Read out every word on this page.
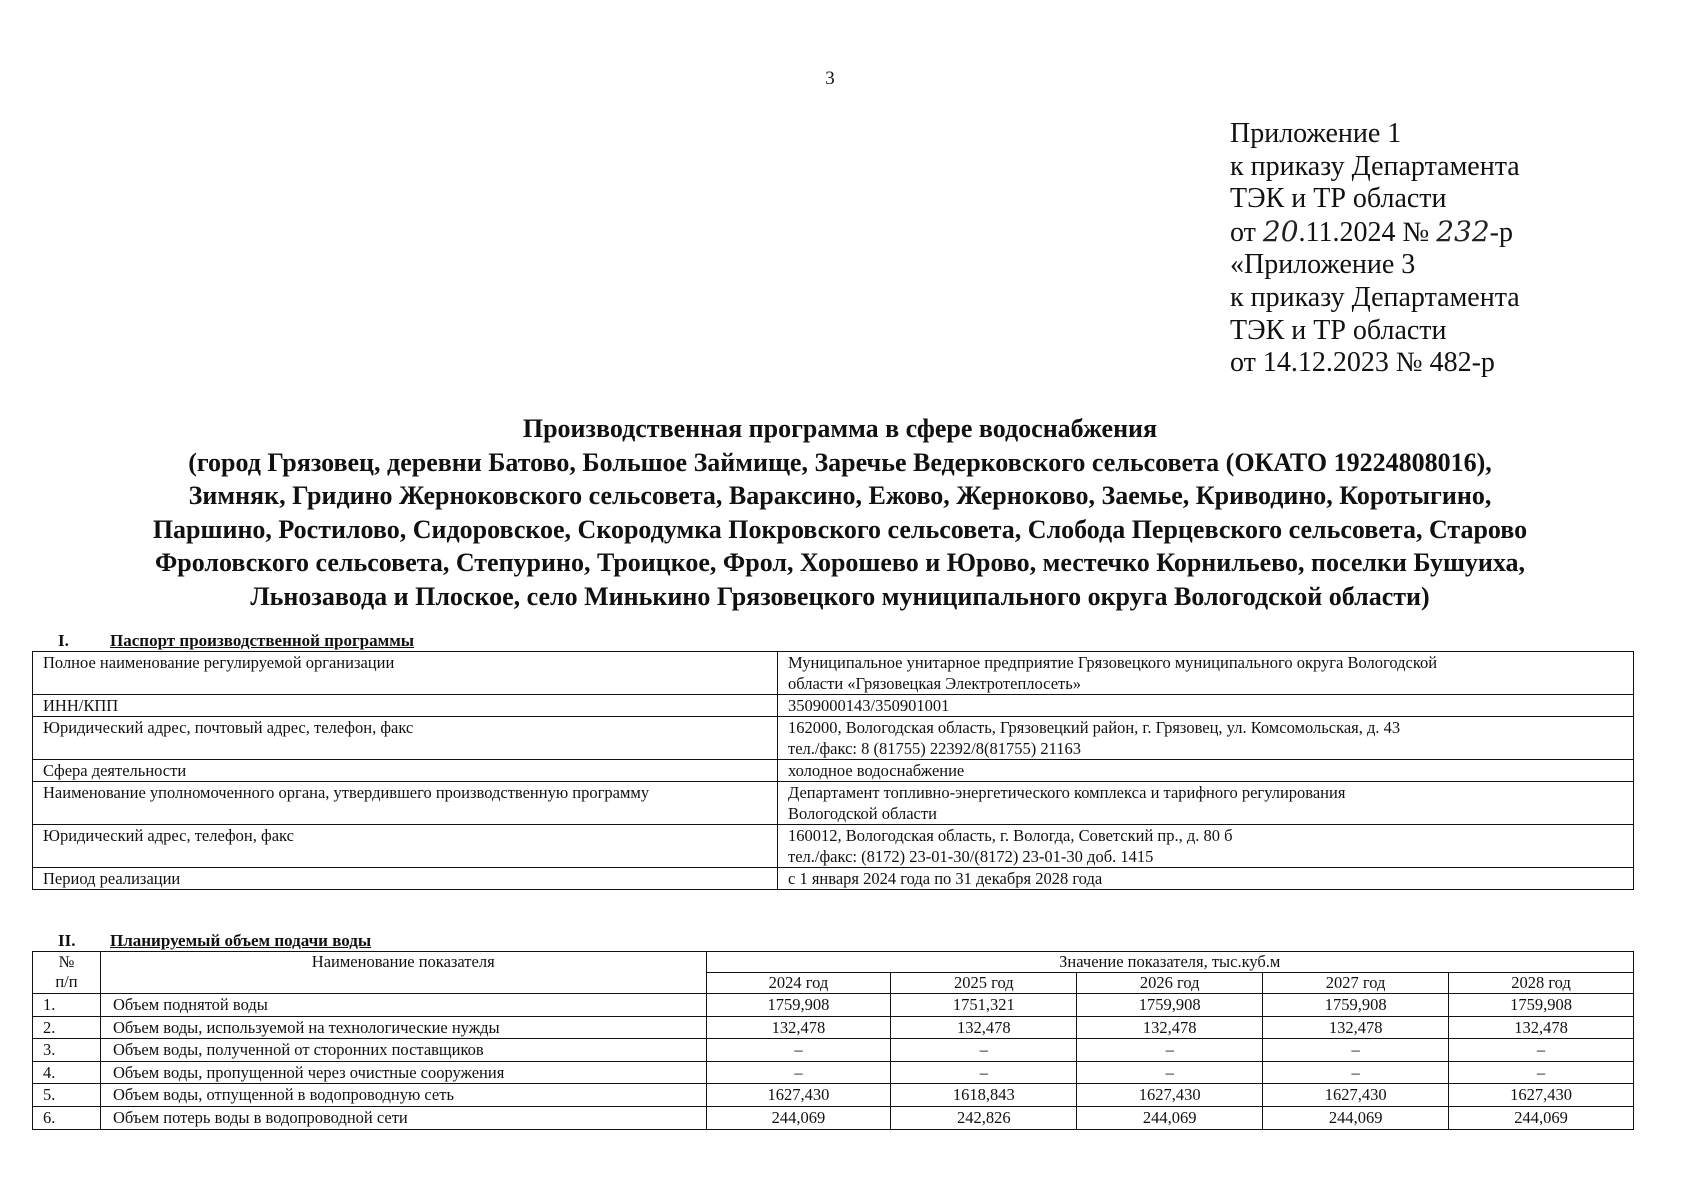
3
Приложение 1
к приказу Департамента
ТЭК и ТР области
от 20.11.2024 № 232-р
«Приложение 3
к приказу Департамента
ТЭК и ТР области
от 14.12.2023 № 482-р
Производственная программа в сфере водоснабжения
(город Грязовец, деревни Батово, Большое Займище, Заречье Ведерковского сельсовета (ОКАТО 19224808016),
Зимняк, Гридино Жерноковского сельсовета, Вараксино, Ежово, Жерноково, Заемье, Криводино, Коротыгино,
Паршино, Ростилово, Сидоровское, Скородумка Покровского сельсовета, Слобода Перцевского сельсовета, Старово
Фроловского сельсовета, Степурино, Троицкое, Фрол, Хорошево и Юрово, местечко Корнильево, поселки Бушуиха,
Льнозавода и Плоское, село Минькино Грязовецкого муниципального округа Вологодской области)
I. Паспорт производственной программы
Полное наименование регулируемой организации	Муниципальное унитарное предприятие Грязовецкого муниципального округа Вологодской
области «Грязовецкая Электротеплосеть»

ИНН/КПП	3509000143/350901001

Юридический адрес, почтовый адрес, телефон, факс	162000, Вологодская область, Грязовецкий район, г. Грязовец, ул. Комсомольская, д. 43
тел./факс: 8 (81755) 22392/8(81755) 21163

Сфера деятельности	холодное водоснабжение

Наименование уполномоченного органа, утвердившего производственную программу	Департамент топливно-энергетического комплекса и тарифного регулирования
Вологодской области

Юридический адрес, телефон, факс	160012, Вологодская область, г. Вологда, Советский пр., д. 80 б
тел./факс: (8172) 23-01-30/(8172) 23-01-30 доб. 1415

Период реализации	с 1 января 2024 года по 31 декабря 2028 года
II. Планируемый объем подачи воды
№
п/п	Наименование показателя	Значение показателя, тыс.куб.м				
		2024 год	2025 год	2026 год	2027 год	2028 год
1.	Объем поднятой воды	1759,908	1751,321	1759,908	1759,908	1759,908
2.	Объем воды, используемой на технологические нужды	132,478	132,478	132,478	132,478	132,478
3.	Объем воды, полученной от сторонних поставщиков	–	–	–	–	–
4.	Объем воды, пропущенной через очистные сооружения	–	–	–	–	–
5.	Объем воды, отпущенной в водопроводную сеть	1627,430	1618,843	1627,430	1627,430	1627,430
6.	Объем потерь воды в водопроводной сети	244,069	242,826	244,069	244,069	244,069
